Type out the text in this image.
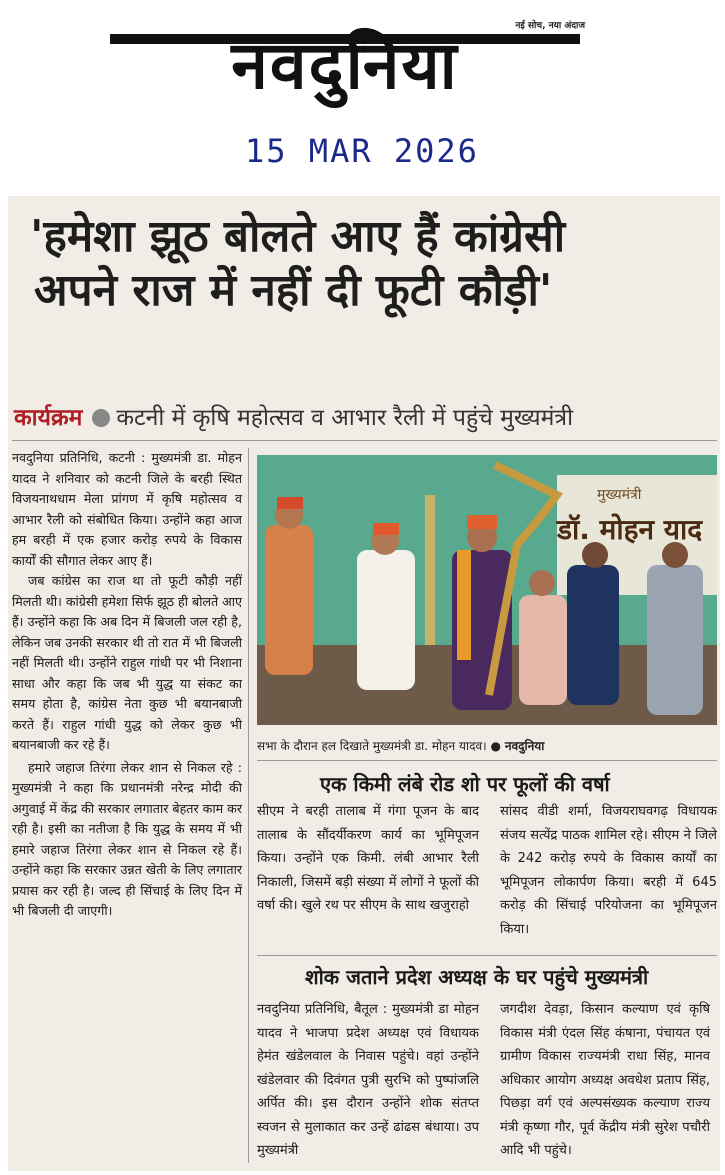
नई सोच, नया अंदाज
नवदुनिया
15 MAR 2026
'हमेशा झूठ बोलते आए हैं कांग्रेसी
अपने राज में नहीं दी फूटी कौड़ी'
कार्यक्रम कटनी में कृषि महोत्सव व आभार रैली में पहुंचे मुख्यमंत्री

नवदुनिया प्रतिनिधि, कटनी : मुख्यमंत्री डा. मोहन यादव ने शनिवार को कटनी जिले के बरही स्थित विजयनाथधाम मेला प्रांगण में कृषि महोत्सव व आभार रैली को संबोधित किया। उन्होंने कहा आज हम बरही में एक हजार करोड़ रुपये के विकास कार्यों की सौगात लेकर आए हैं।

जब कांग्रेस का राज था तो फूटी कौड़ी नहीं मिलती थी। कांग्रेसी हमेशा सिर्फ झूठ ही बोलते आए हैं। उन्होंने कहा कि अब दिन में बिजली जल रही है, लेकिन जब उनकी सरकार थी तो रात में भी बिजली नहीं मिलती थी। उन्होंने राहुल गांधी पर भी निशाना साधा और कहा कि जब भी युद्ध या संकट का समय होता है, कांग्रेस नेता कुछ भी बयानबाजी करते हैं। राहुल गांधी युद्ध को लेकर कुछ भी बयानबाजी कर रहे हैं।

हमारे जहाज तिरंगा लेकर शान से निकल रहे : मुख्यमंत्री ने कहा कि प्रधानमंत्री नरेन्द्र मोदी की अगुवाई में केंद्र की सरकार लगातार बेहतर काम कर रही है। इसी का नतीजा है कि युद्ध के समय में भी हमारे जहाज तिरंगा लेकर शान से निकल रहे हैं। उन्होंने कहा कि सरकार उन्नत खेती के लिए लगातार प्रयास कर रही है। जल्द ही सिंचाई के लिए दिन में भी बिजली दी जाएगी।

मुख्यमंत्री
डॉ. मोहन याद
सभा के दौरान हल दिखाते मुख्यमंत्री डा. मोहन यादव। ● नवदुनिया
एक किमी लंबे रोड शो पर फूलों की वर्षा
सीएम ने बरही तालाब में गंगा पूजन के बाद तालाब के सौंदर्यीकरण कार्य का भूमिपूजन किया। उन्होंने एक किमी. लंबी आभार रैली निकाली, जिसमें बड़ी संख्या में लोगों ने फूलों की वर्षा की। खुले रथ पर सीएम के साथ खजुराहो
सांसद वीडी शर्मा, विजयराघवगढ़ विधायक संजय सत्येंद्र पाठक शामिल रहे। सीएम ने जिले के 242 करोड़ रुपये के विकास कार्यों का भूमिपूजन लोकार्पण किया। बरही में 645 करोड़ की सिंचाई परियोजना का भूमिपूजन किया।
शोक जताने प्रदेश अध्यक्ष के घर पहुंचे मुख्यमंत्री
नवदुनिया प्रतिनिधि, बैतूल : मुख्यमंत्री डा मोहन यादव ने भाजपा प्रदेश अध्यक्ष एवं विधायक हेमंत खंडेलवाल के निवास पहुंचे। वहां उन्होंने खंडेलवार की दिवंगत पुत्री सुरभि को पुष्पांजलि अर्पित की। इस दौरान उन्होंने शोक संतप्त स्वजन से मुलाकात कर उन्हें ढांढस बंधाया। उप मुख्यमंत्री
जगदीश देवड़ा, किसान कल्याण एवं कृषि विकास मंत्री एंदल सिंह कंषाना, पंचायत एवं ग्रामीण विकास राज्यमंत्री राधा सिंह, मानव अधिकार आयोग अध्यक्ष अवधेश प्रताप सिंह, पिछड़ा वर्ग एवं अल्पसंख्यक कल्याण राज्य मंत्री कृष्णा गौर, पूर्व केंद्रीय मंत्री सुरेश पचौरी आदि भी पहुंचे।
